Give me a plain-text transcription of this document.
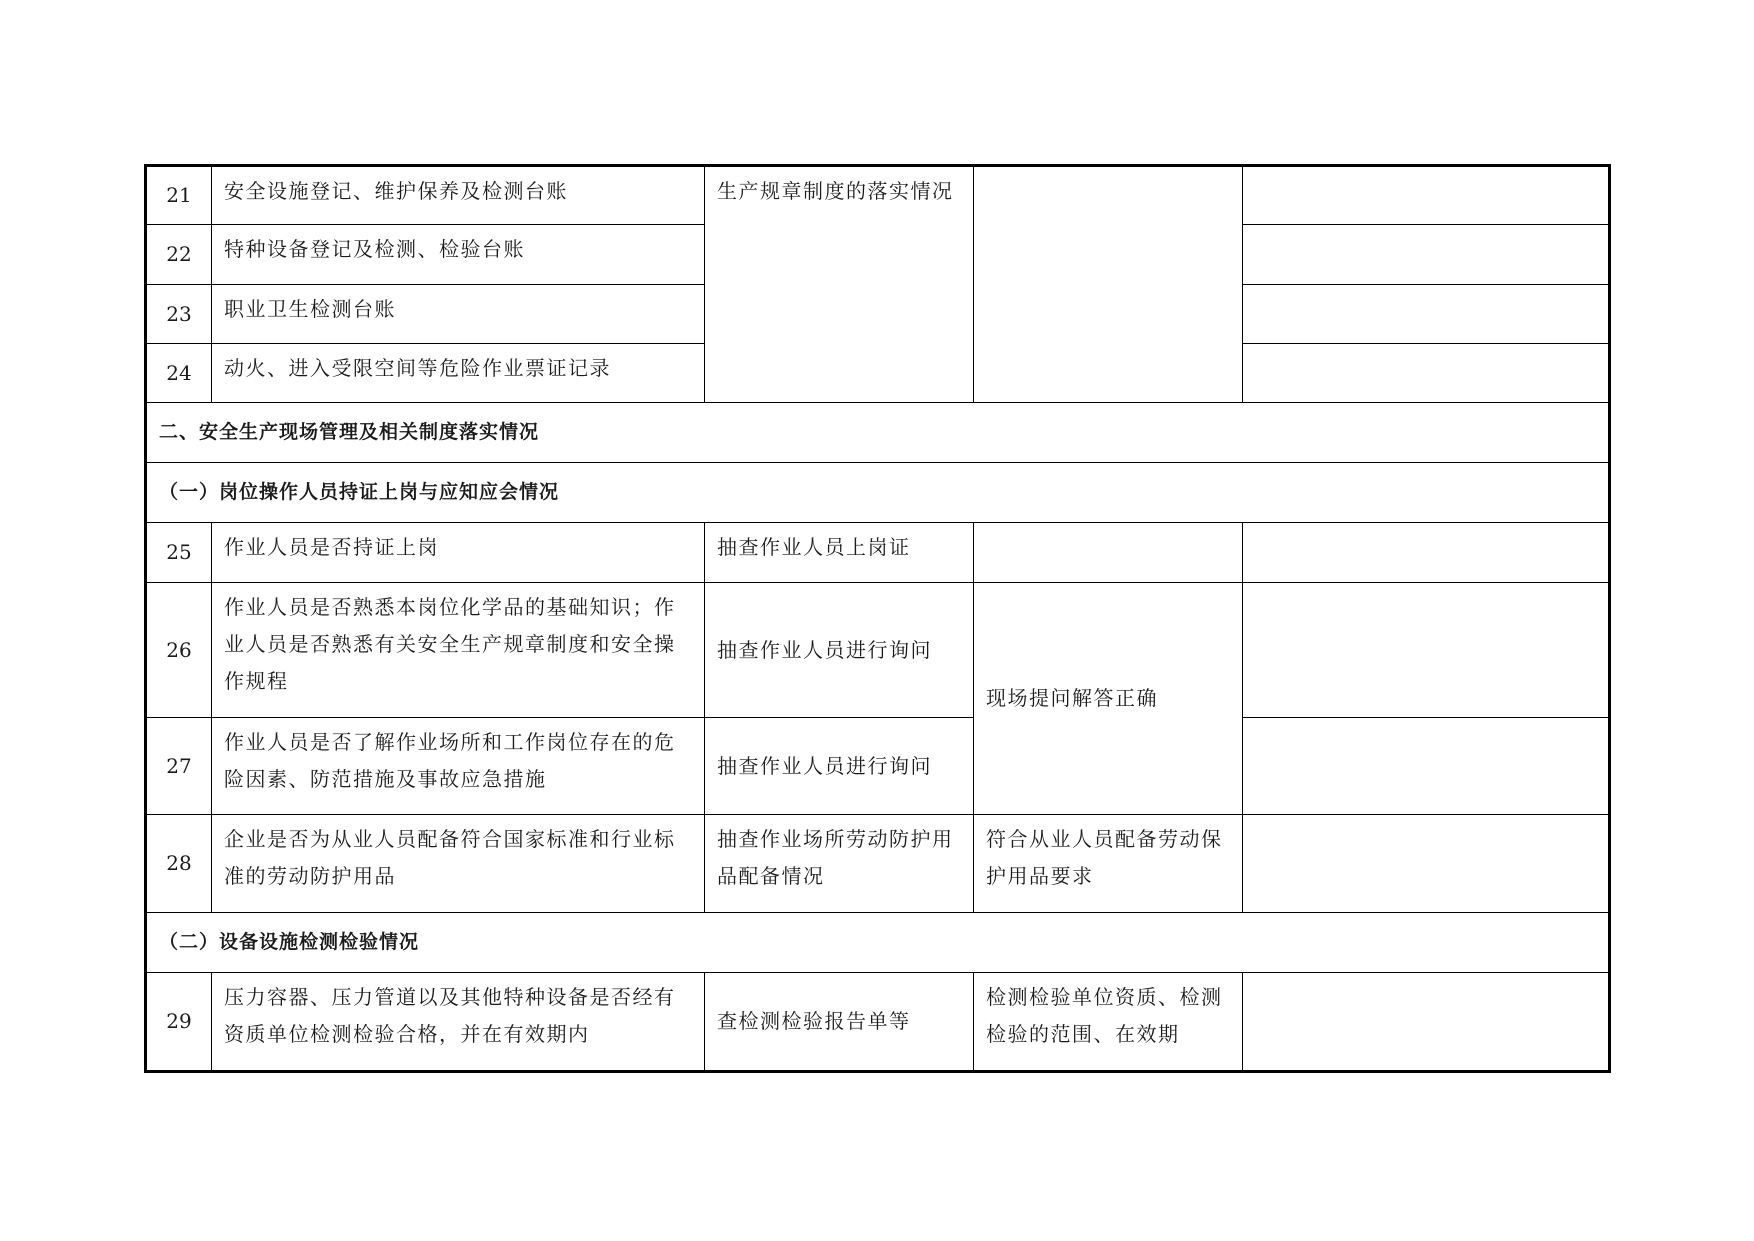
21	安全设施登记、维护保养及检测台账	生产规章制度的落实情况		
22	特种设备登记及检测、检验台账			
23	职业卫生检测台账			
24	动火、进入受限空间等危险作业票证记录			
二、安全生产现场管理及相关制度落实情况				
（一）岗位操作人员持证上岗与应知应会情况				
25	作业人员是否持证上岗	抽查作业人员上岗证		
26	作业人员是否熟悉本岗位化学品的基础知识；作业人员是否熟悉有关安全生产规章制度和安全操作规程	抽查作业人员进行询问	现场提问解答正确	
27	作业人员是否了解作业场所和工作岗位存在的危险因素、防范措施及事故应急措施	抽查作业人员进行询问		
28	企业是否为从业人员配备符合国家标准和行业标准的劳动防护用品	抽查作业场所劳动防护用品配备情况	符合从业人员配备劳动保护用品要求	
（二）设备设施检测检验情况				
29	压力容器、压力管道以及其他特种设备是否经有资质单位检测检验合格，并在有效期内	查检测检验报告单等	检测检验单位资质、检测检验的范围、在效期	
